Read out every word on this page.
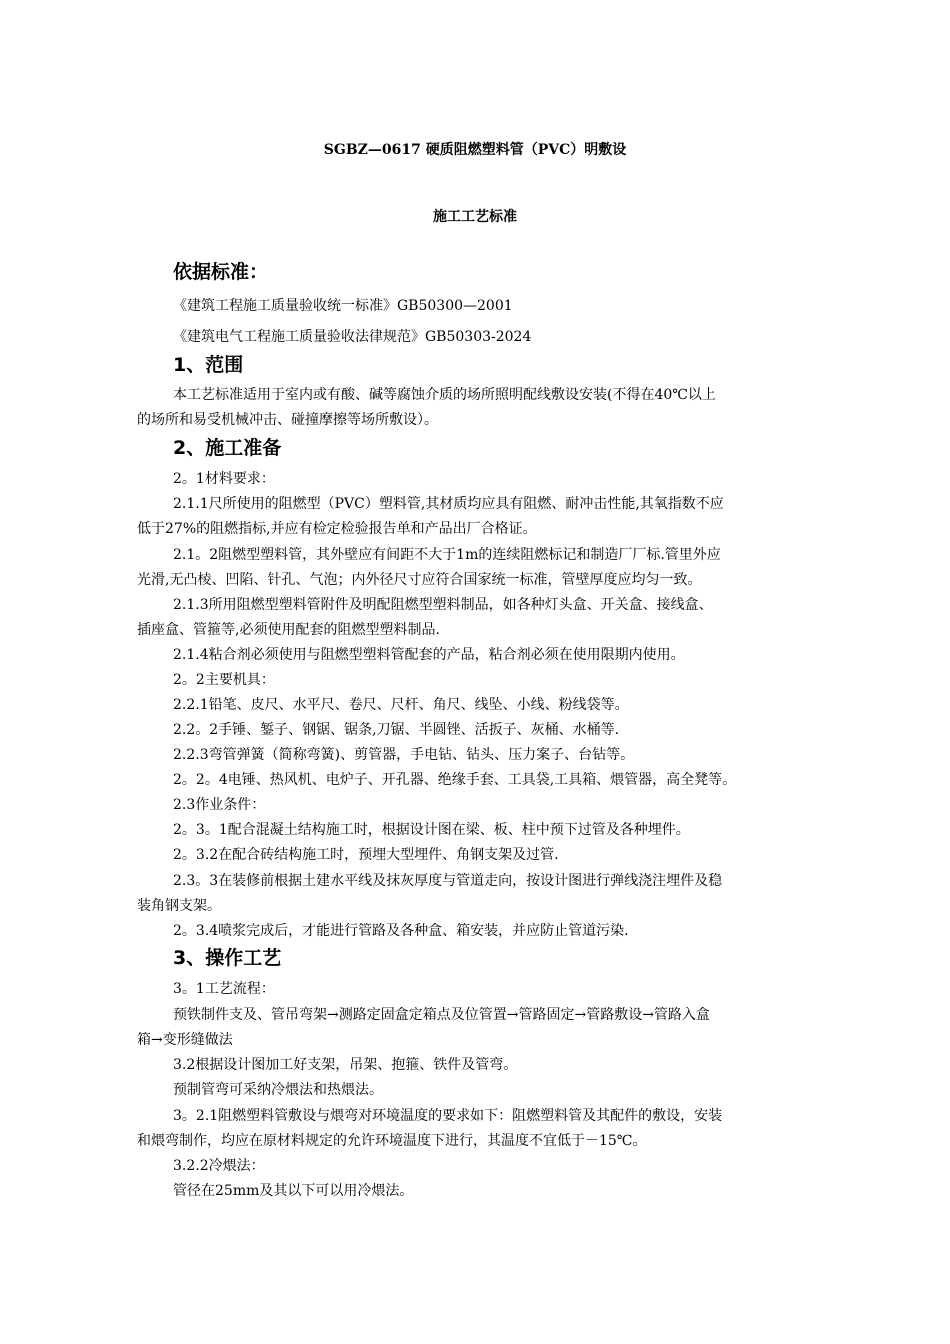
SGBZ—0617 硬质阻燃塑料管（PVC）明敷设
施工工艺标准
依据标准：
《建筑工程施工质量验收统一标准》GB50300—2001
《建筑电气工程施工质量验收法律规范》GB50303-2024
1、范围
本工艺标准适用于室内或有酸、碱等腐蚀介质的场所照明配线敷设安装(不得在40℃以上
的场所和易受机械冲击、碰撞摩擦等场所敷设）。
2、施工准备
2。1材料要求：
2.1.1尺所使用的阻燃型（PVC）塑料管,其材质均应具有阻燃、耐冲击性能,其氧指数不应
低于27%的阻燃指标,并应有检定检验报告单和产品出厂合格证。
2.1。2阻燃型塑料管，其外壁应有间距不大于1m的连续阻燃标记和制造厂厂标.管里外应
光滑,无凸棱、凹陷、针孔、气泡；内外径尺寸应符合国家统一标准，管壁厚度应均匀一致。
2.1.3所用阻燃型塑料管附件及明配阻燃型塑料制品，如各种灯头盒、开关盒、接线盒、
插座盒、管箍等,必须使用配套的阻燃型塑料制品.
2.1.4粘合剂必须使用与阻燃型塑料管配套的产品，粘合剂必须在使用限期内使用。
2。2主要机具：
2.2.1铅笔、皮尺、水平尺、卷尺、尺杆、角尺、线坠、小线、粉线袋等。
2.2。2手锤、錾子、钢锯、锯条,刀锯、半圆锉、活扳子、灰桶、水桶等.
2.2.3弯管弹簧（简称弯簧)、剪管器，手电钻、钻头、压力案子、台钻等。
2。2。4电锤、热风机、电炉子、开孔器、绝缘手套、工具袋,工具箱、煨管器，高全凳等。
2.3作业条件：
2。3。1配合混凝土结构施工时，根据设计图在梁、板、柱中预下过管及各种埋件。
2。3.2在配合砖结构施工时，预埋大型埋件、角钢支架及过管.
2.3。3在装修前根据土建水平线及抹灰厚度与管道走向，按设计图进行弹线浇注埋件及稳
装角钢支架。
2。3.4喷浆完成后，才能进行管路及各种盒、箱安装，并应防止管道污染.
3、操作工艺
3。1工艺流程：
预铁制件支及、管吊弯架→测路定固盒定箱点及位管置→管路固定→管路敷设→管路入盒
箱→变形缝做法
3.2根据设计图加工好支架，吊架、抱箍、铁件及管弯。
预制管弯可采纳冷煨法和热煨法。
3。2.1阻燃塑料管敷设与煨弯对环境温度的要求如下：阻燃塑料管及其配件的敷设，安装
和煨弯制作，均应在原材料规定的允许环境温度下进行，其温度不宜低于－15℃。
3.2.2冷煨法：
管径在25mm及其以下可以用冷煨法。
